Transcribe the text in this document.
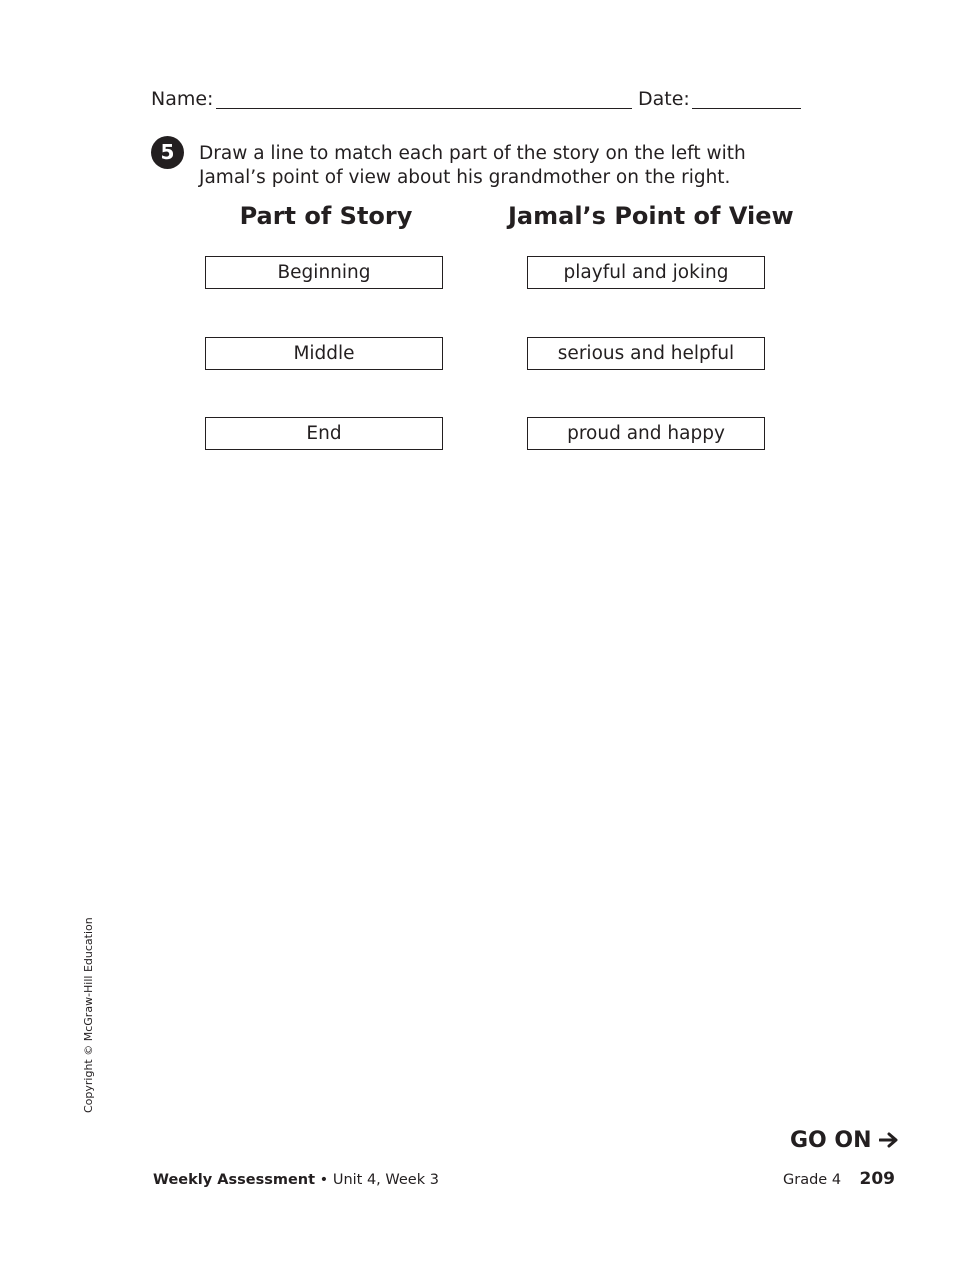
Name:	Date:
5	Draw a line to match each part of the story on the left with Jamal’s point of view about his grandmother on the right.
Part of Story	Jamal’s Point of View
Beginning
Middle
End
playful and joking
serious and helpful
proud and happy
Copyright © McGraw-Hill Education
GO ON
Weekly Assessment • Unit 4, Week 3	Grade 4 209
